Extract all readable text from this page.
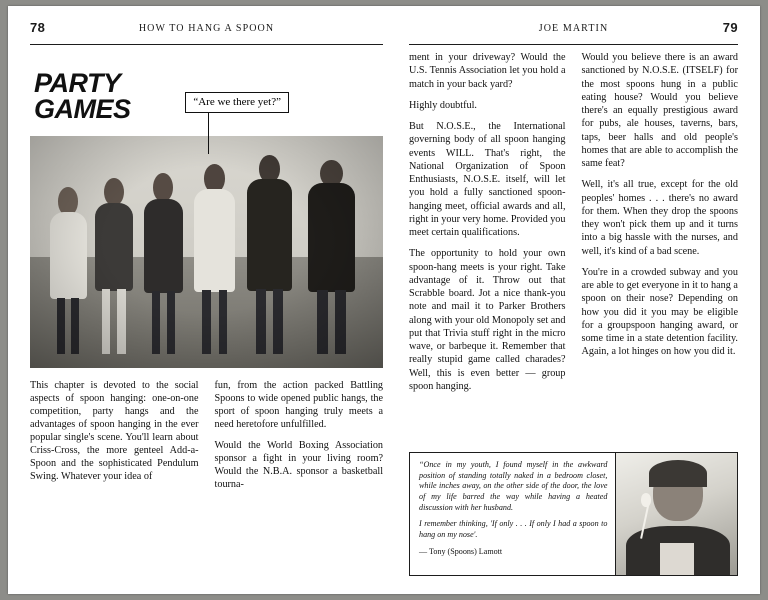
78	HOW TO HANG A SPOON
PARTY
GAMES	“Are we there yet?”

This chapter is devoted to the social aspects of spoon hanging: one-on-one competition, party hangs and the advantages of spoon hanging in the ever popular single's scene. You'll learn about Criss-Cross, the more genteel Add-a-Spoon and the sophisticated Pendulum Swing. Whatever your idea of

fun, from the action packed Battling Spoons to wide opened public hangs, the sport of spoon hanging truly meets a need heretofore unfulfilled.

Would the World Boxing Association sponsor a fight in your living room? Would the N.B.A. sponsor a basketball tourna-

JOE MARTIN	79

ment in your driveway? Would the U.S. Tennis Association let you hold a match in your back yard?

Highly doubtful.

But N.O.S.E., the International governing body of all spoon hanging events WILL. That's right, the National Organization of Spoon Enthusiasts, N.O.S.E. itself, will let you hold a fully sanctioned spoon-hanging meet, official awards and all, right in your very home. Provided you meet certain qualifications.

The opportunity to hold your own spoon-hang meets is your right. Take advantage of it. Throw out that Scrabble board. Jot a nice thank-you note and mail it to Parker Brothers along with your old Monopoly set and put that Trivia stuff right in the micro wave, or barbeque it. Remember that really stupid game called charades? Well, this is even better — group spoon hanging.

Would you believe there is an award sanctioned by N.O.S.E. (ITSELF) for the most spoons hung in a public eating house? Would you believe there's an equally prestigious award for pubs, ale houses, taverns, bars, taps, beer halls and old people's homes that are able to accomplish the same feat?

Well, it's all true, except for the old peoples' homes . . . there's no award for them. When they drop the spoons they won't pick them up and it turns into a big hassle with the nurses, and well, it's kind of a bad scene.

You're in a crowded subway and you are able to get everyone in it to hang a spoon on their nose? Depending on how you did it you may be eligible for a groupspoon hanging award, or some time in a state detention facility. Again, a lot hinges on how you did it.

“Once in my youth, I found myself in the awkward position of standing totally naked in a bedroom closet, while inches away, on the other side of the door, the love of my life barred the way while having a heated discussion with her husband.

I remember thinking, 'If only . . . If only I had a spoon to hang on my nose'.

— Tony (Spoons) Lamott
